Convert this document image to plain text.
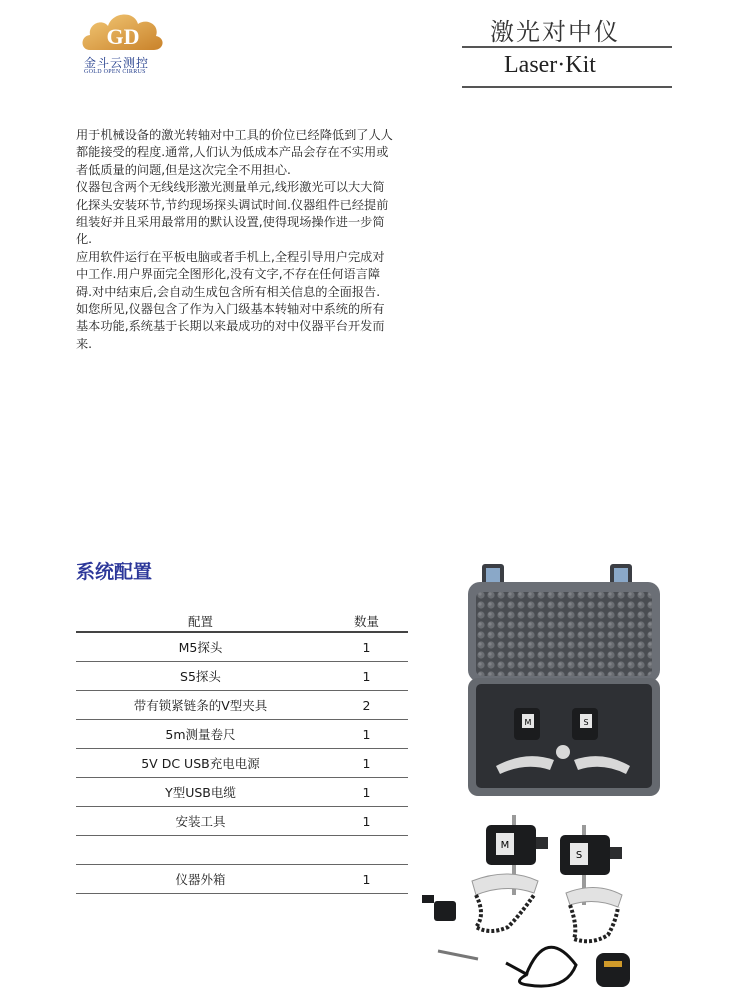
GD
金斗云测控
GOLD OPEN CIRRUS
激光对中仪
Laser·Kit

用于机械设备的激光转轴对中工具的价位已经降低到了人人都能接受的程度.通常,人们认为低成本产品会存在不实用或者低质量的问题,但是这次完全不用担心.

仪器包含两个无线线形激光测量单元,线形激光可以大大简化探头安装环节,节约现场探头调试时间.仪器组件已经提前组装好并且采用最常用的默认设置,使得现场操作进一步简化.

应用软件运行在平板电脑或者手机上,全程引导用户完成对中工作.用户界面完全图形化,没有文字,不存在任何语言障碍.对中结束后,会自动生成包含所有相关信息的全面报告.

如您所见,仪器包含了作为入门级基本转轴对中系统的所有基本功能,系统基于长期以来最成功的对中仪器平台开发而来.

系统配置
配置	数量
M5探头	1
S5探头	1
带有锁紧链条的V型夹具	2
5m测量卷尺	1
5V DC USB充电电源	1
Y型USB电缆	1
安装工具	1

仪器外箱	1
M	S
M
S
